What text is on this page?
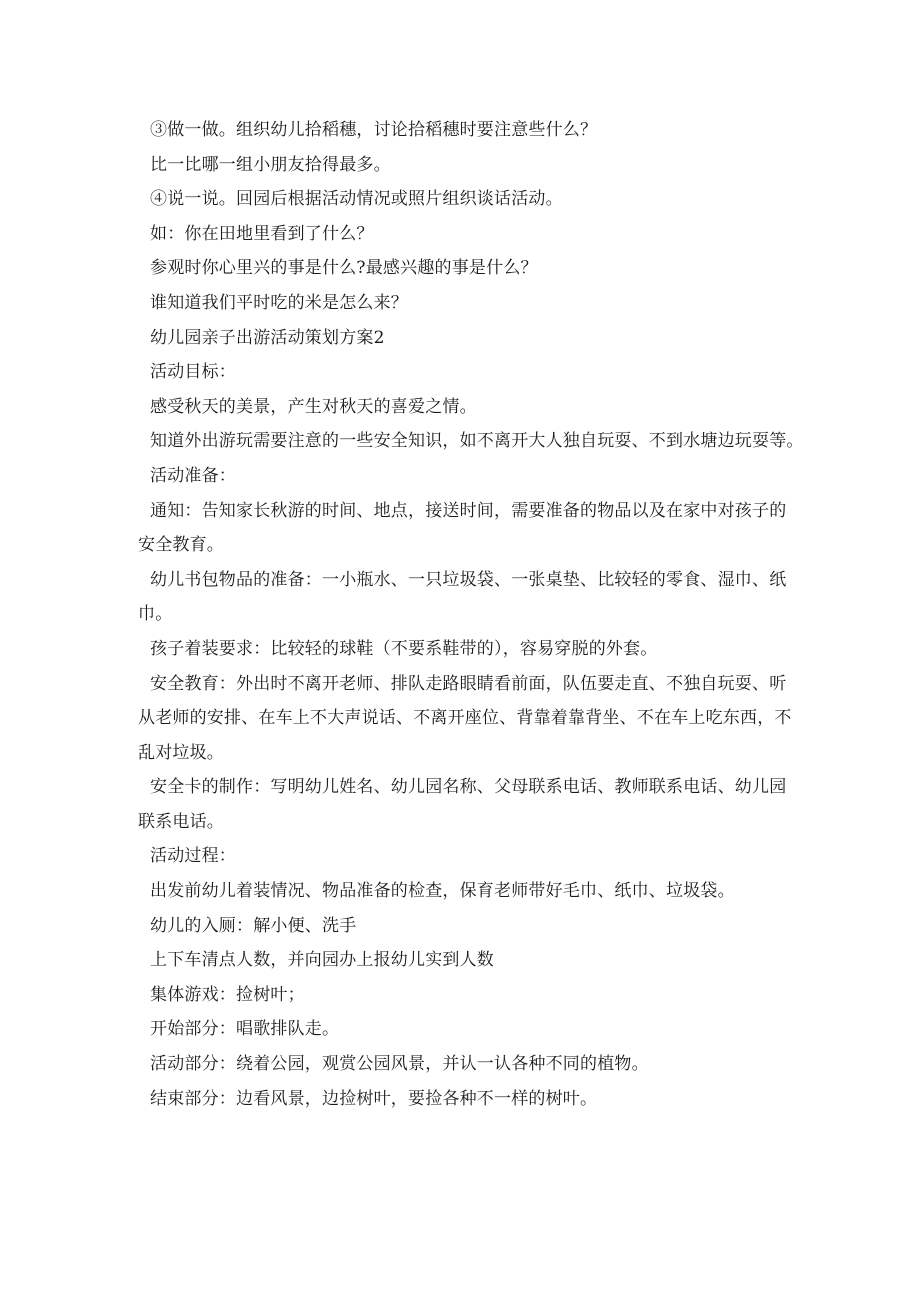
③做一做。组织幼儿拾稻穗，讨论拾稻穗时要注意些什么？

比一比哪一组小朋友拾得最多。

④说一说。回园后根据活动情况或照片组织谈话活动。

如：你在田地里看到了什么？

参观时你心里兴的事是什么?最感兴趣的事是什么？

谁知道我们平时吃的米是怎么来？

幼儿园亲子出游活动策划方案2

活动目标：

感受秋天的美景，产生对秋天的喜爱之情。

知道外出游玩需要注意的一些安全知识，如不离开大人独自玩耍、不到水塘边玩耍等。

活动准备：

通知：告知家长秋游的时间、地点，接送时间，需要准备的物品以及在家中对孩子的安全教育。

幼儿书包物品的准备：一小瓶水、一只垃圾袋、一张桌垫、比较轻的零食、湿巾、纸巾。

孩子着装要求：比较轻的球鞋（不要系鞋带的），容易穿脱的外套。

安全教育：外出时不离开老师、排队走路眼睛看前面，队伍要走直、不独自玩耍、听从老师的安排、在车上不大声说话、不离开座位、背靠着靠背坐、不在车上吃东西，不乱对垃圾。

安全卡的制作：写明幼儿姓名、幼儿园名称、父母联系电话、教师联系电话、幼儿园联系电话。

活动过程：

出发前幼儿着装情况、物品准备的检查，保育老师带好毛巾、纸巾、垃圾袋。

幼儿的入厕：解小便、洗手

上下车清点人数，并向园办上报幼儿实到人数

集体游戏：捡树叶；

开始部分：唱歌排队走。

活动部分：绕着公园，观赏公园风景，并认一认各种不同的植物。

结束部分：边看风景，边捡树叶，要捡各种不一样的树叶。
